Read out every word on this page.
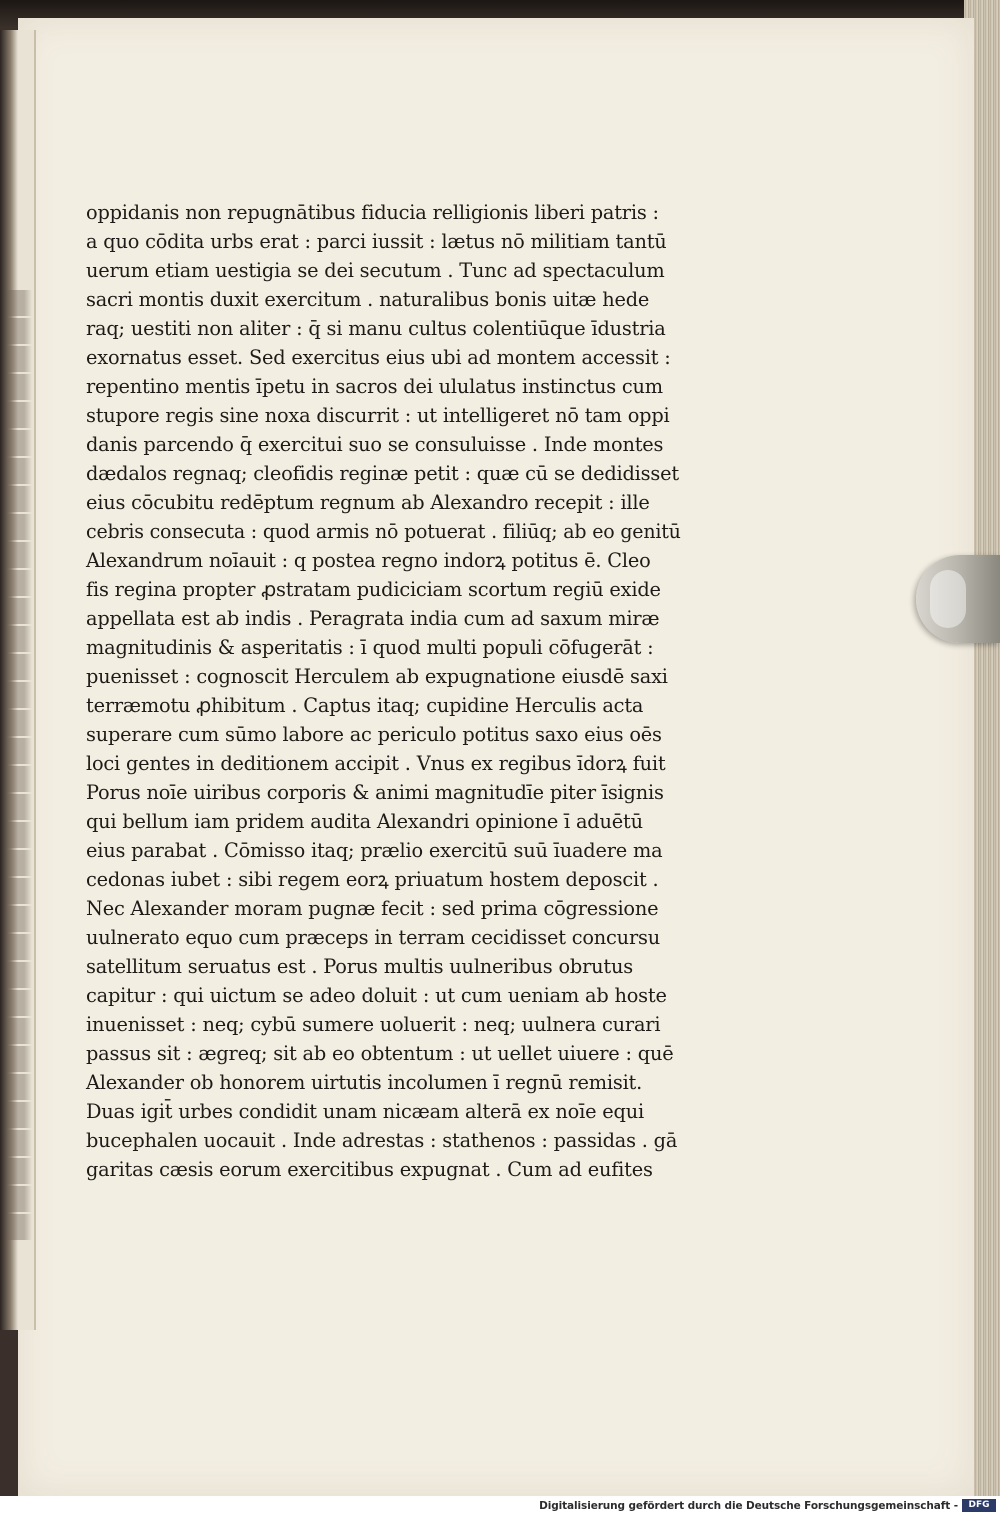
oppidanis non repugnātibus fiducia relligionis liberi patris :
a quo cōdita urbs erat : parci iussit : lætus nō militiam tantū
uerum etiam uestigia se dei secutum . Tunc ad spectaculum
sacri montis duxit exercitum . naturalibus bonis uitæ hede
raq; uestiti non aliter : q̄ si manu cultus colentiūque īdustria
exornatus esset. Sed exercitus eius ubi ad montem accessit :
repentino mentis īpetu in sacros dei ululatus instinctus cum
stupore regis sine noxa discurrit : ut intelligeret nō tam oppi
danis parcendo q̄ exercitui suo se consuluisse . Inde montes
dædalos regnaq; cleofidis reginæ petit : quæ cū se dedidisset
eius cōcubitu redēptum regnum ab Alexandro recepit : ille
cebris consecuta : quod armis nō potuerat . filiūq; ab eo genitū
Alexandrum noīauit : q postea regno indorꝝ potitus ē. Cleo
fis regina propter ꝓstratam pudiciciam scortum regiū exide
appellata est ab indis . Peragrata india cum ad saxum miræ
magnitudinis & asperitatis : ī quod multi populi cōfugerāt :
puenisset : cognoscit Herculem ab expugnatione eiusdē saxi
terræmotu ꝓhibitum . Captus itaq; cupidine Herculis acta
superare cum sūmo labore ac periculo potitus saxo eius oēs
loci gentes in deditionem accipit . Vnus ex regibus īdorꝝ fuit
Porus noīe uiribus corporis & animi magnitudīe piter īsignis
qui bellum iam pridem audita Alexandri opinione ī aduētū
eius parabat . Cōmisso itaq; prælio exercitū suū īuadere ma
cedonas iubet : sibi regem eorꝝ priuatum hostem deposcit .
Nec Alexander moram pugnæ fecit : sed prima cōgressione
uulnerato equo cum præceps in terram cecidisset concursu
satellitum seruatus est . Porus multis uulneribus obrutus
capitur : qui uictum se adeo doluit : ut cum ueniam ab hoste
inuenisset : neq; cybū sumere uoluerit : neq; uulnera curari
passus sit : ægreq; sit ab eo obtentum : ut uellet uiuere : quē
Alexander ob honorem uirtutis incolumen ī regnū remisit.
Duas igit̄ urbes condidit unam nicæam alterā ex noīe equi
bucephalen uocauit . Inde adrestas : stathenos : passidas . gā
garitas cæsis eorum exercitibus expugnat . Cum ad eufites
Digitalisierung gefördert durch die Deutsche Forschungsgemeinschaft -	DFG
